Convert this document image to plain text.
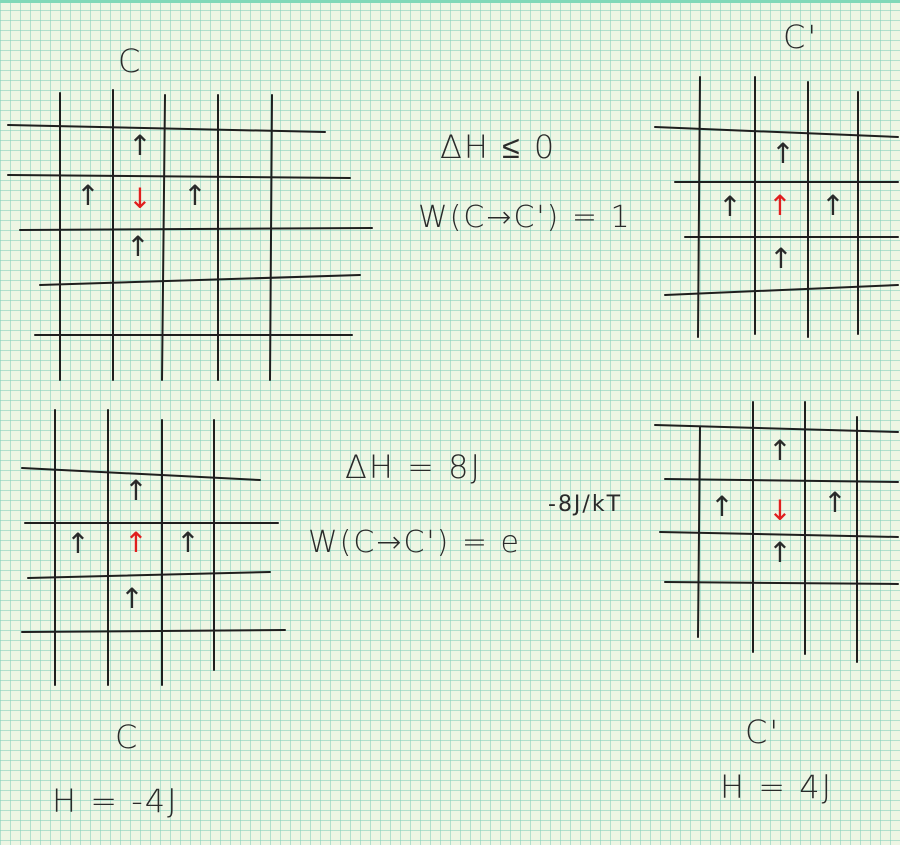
C
↑
↑ ↓ ↑
↑
C'
↑
↑ ↑ ↑
↑
ΔH ≤ 0
W(C→C') = 1
↑
↑ ↑ ↑
↑
↑
↑ ↓ ↑
↑
ΔH = 8J
W(C→C') = e
-8J/kT
C
H = -4J
C'
H = 4J
